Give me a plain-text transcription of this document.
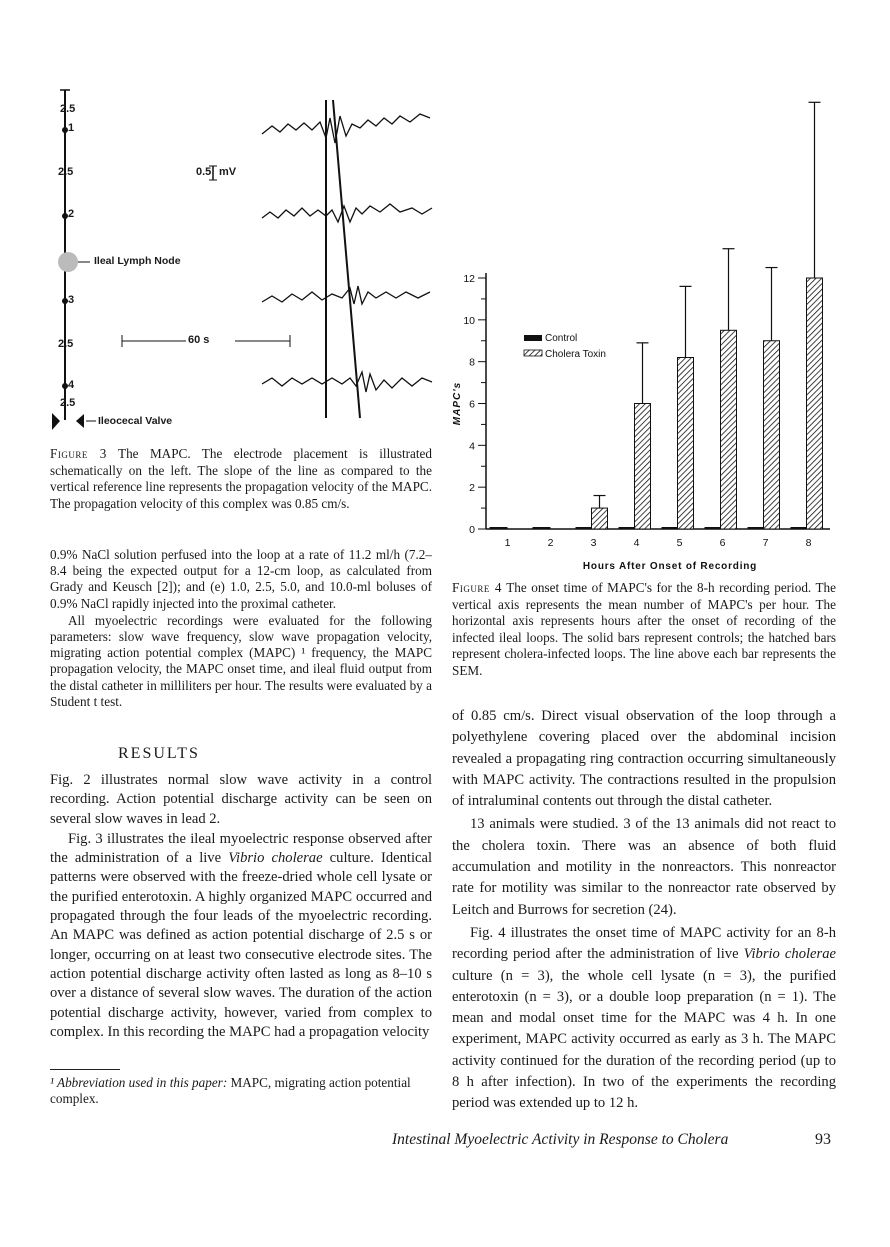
2.5
1
2.5
2
3
2.5
4
2.5
0.5 mV
Ileal Lymph Node
Ileocecal Valve
60 s
Figure 3 The MAPC. The electrode placement is illustrated schematically on the left. The slope of the line as compared to the vertical reference line represents the propagation velocity of the MAPC. The propagation velocity of this complex was 0.85 cm/s.
0
2
4
6
8
10
12
MAPC's
1	2	3	4	5	6	7	8
Hours After Onset of Recording
Control
Cholera Toxin
Figure 4 The onset time of MAPC's for the 8-h recording period. The vertical axis represents the mean number of MAPC's per hour. The horizontal axis represents hours after the onset of recording of the infected ileal loops. The solid bars represent controls; the hatched bars represent cholera-infected loops. The line above each bar represents the SEM.

0.9% NaCl solution perfused into the loop at a rate of 11.2 ml/h (7.2–8.4 being the expected output for a 12-cm loop, as calculated from Grady and Keusch [2]); and (e) 1.0, 2.5, 5.0, and 10.0-ml boluses of 0.9% NaCl rapidly injected into the proximal catheter.

All myoelectric recordings were evaluated for the following parameters: slow wave frequency, slow wave propagation velocity, migrating action potential complex (MAPC) ¹ frequency, the MAPC propagation velocity, the MAPC onset time, and ileal fluid output from the distal catheter in milliliters per hour. The results were evaluated by a Student t test.

RESULTS

Fig. 2 illustrates normal slow wave activity in a control recording. Action potential discharge activity can be seen on several slow waves in lead 2.

Fig. 3 illustrates the ileal myoelectric response observed after the administration of a live Vibrio cholerae culture. Identical patterns were observed with the freeze-dried whole cell lysate or the purified enterotoxin. A highly organized MAPC occurred and propagated through the four leads of the myoelectric recording. An MAPC was defined as action potential discharge of 2.5 s or longer, occurring on at least two consecutive electrode sites. The action potential discharge activity often lasted as long as 8–10 s over a distance of several slow waves. The duration of the action potential discharge activity, however, varied from complex to complex. In this recording the MAPC had a propagation velocity

¹ Abbreviation used in this paper: MAPC, migrating action potential complex.

of 0.85 cm/s. Direct visual observation of the loop through a polyethylene covering placed over the abdominal incision revealed a propagating ring contraction occurring simultaneously with MAPC activity. The contractions resulted in the propulsion of intraluminal contents out through the distal catheter.

13 animals were studied. 3 of the 13 animals did not react to the cholera toxin. There was an absence of both fluid accumulation and motility in the nonreactors. This nonreactor rate for motility was similar to the nonreactor rate observed by Leitch and Burrows for secretion (24).

Fig. 4 illustrates the onset time of MAPC activity for an 8-h recording period after the administration of live Vibrio cholerae culture (n = 3), the whole cell lysate (n = 3), the purified enterotoxin (n = 3), or a double loop preparation (n = 1). The mean and modal onset time for the MAPC was 4 h. In one experiment, MAPC activity occurred as early as 3 h. The MAPC activity continued for the duration of the recording period (up to 8 h after infection). In two of the experiments the recording period was extended up to 12 h.

Intestinal Myoelectric Activity in Response to Cholera	93
